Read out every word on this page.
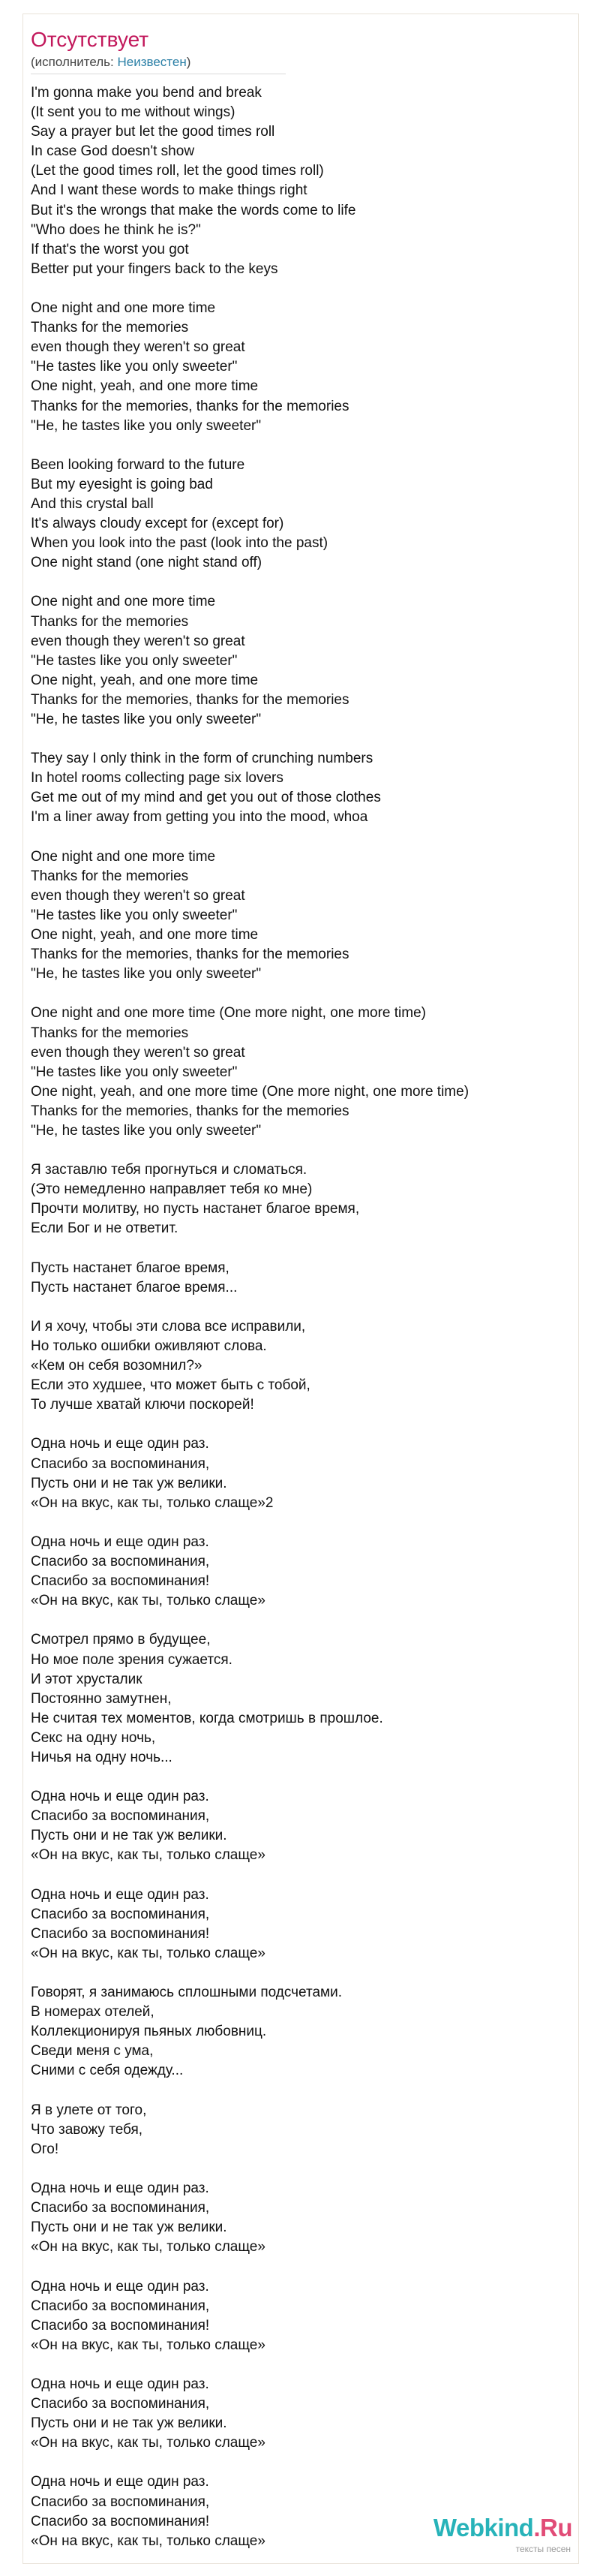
Отсутствует
(исполнитель: Неизвестен)
I'm gonna make you bend and break
(It sent you to me without wings)
Say a prayer but let the good times roll
In case God doesn't show
(Let the good times roll, let the good times roll)
And I want these words to make things right
But it's the wrongs that make the words come to life
"Who does he think he is?"
If that's the worst you got
Better put your fingers back to the keys
One night and one more time
Thanks for the memories
even though they weren't so great
"He tastes like you only sweeter"
One night, yeah, and one more time
Thanks for the memories, thanks for the memories
"He, he tastes like you only sweeter"
Been looking forward to the future
But my eyesight is going bad
And this crystal ball
It's always cloudy except for (except for)
When you look into the past (look into the past)
One night stand (one night stand off)
One night and one more time
Thanks for the memories
even though they weren't so great
"He tastes like you only sweeter"
One night, yeah, and one more time
Thanks for the memories, thanks for the memories
"He, he tastes like you only sweeter"
They say I only think in the form of crunching numbers
In hotel rooms collecting page six lovers
Get me out of my mind and get you out of those clothes
I'm a liner away from getting you into the mood, whoa
One night and one more time
Thanks for the memories
even though they weren't so great
"He tastes like you only sweeter"
One night, yeah, and one more time
Thanks for the memories, thanks for the memories
"He, he tastes like you only sweeter"
One night and one more time (One more night, one more time)
Thanks for the memories
even though they weren't so great
"He tastes like you only sweeter"
One night, yeah, and one more time (One more night, one more time)
Thanks for the memories, thanks for the memories
"He, he tastes like you only sweeter"
Я заставлю тебя прогнуться и сломаться.
(Это немедленно направляет тебя ко мне)
Прочти молитву, но пусть настанет благое время,
Если Бог и не ответит.
Пусть настанет благое время,
Пусть настанет благое время...
И я хочу, чтобы эти слова все исправили,
Но только ошибки оживляют слова.
«Кем он себя возомнил?»
Если это худшее, что может быть с тобой,
То лучше хватай ключи поскорей!
Одна ночь и еще один раз.
Спасибо за воспоминания,
Пусть они и не так уж велики.
«Он на вкус, как ты, только слаще»2
Одна ночь и еще один раз.
Спасибо за воспоминания,
Спасибо за воспоминания!
«Он на вкус, как ты, только слаще»
Смотрел прямо в будущее,
Но мое поле зрения сужается.
И этот хрусталик
Постоянно замутнен,
Не считая тех моментов, когда смотришь в прошлое.
Секс на одну ночь,
Ничья на одну ночь...
Одна ночь и еще один раз.
Спасибо за воспоминания,
Пусть они и не так уж велики.
«Он на вкус, как ты, только слаще»
Одна ночь и еще один раз.
Спасибо за воспоминания,
Спасибо за воспоминания!
«Он на вкус, как ты, только слаще»
Говорят, я занимаюсь сплошными подсчетами.
В номерах отелей,
Коллекционируя пьяных любовниц.
Сведи меня с ума,
Сними с себя одежду...
Я в улете от того,
Что завожу тебя,
Ого!
Одна ночь и еще один раз.
Спасибо за воспоминания,
Пусть они и не так уж велики.
«Он на вкус, как ты, только слаще»
Одна ночь и еще один раз.
Спасибо за воспоминания,
Спасибо за воспоминания!
«Он на вкус, как ты, только слаще»
Одна ночь и еще один раз.
Спасибо за воспоминания,
Пусть они и не так уж велики.
«Он на вкус, как ты, только слаще»
Одна ночь и еще один раз.
Спасибо за воспоминания,
Спасибо за воспоминания!
«Он на вкус, как ты, только слаще»	Webkind.Ru
тексты песен
